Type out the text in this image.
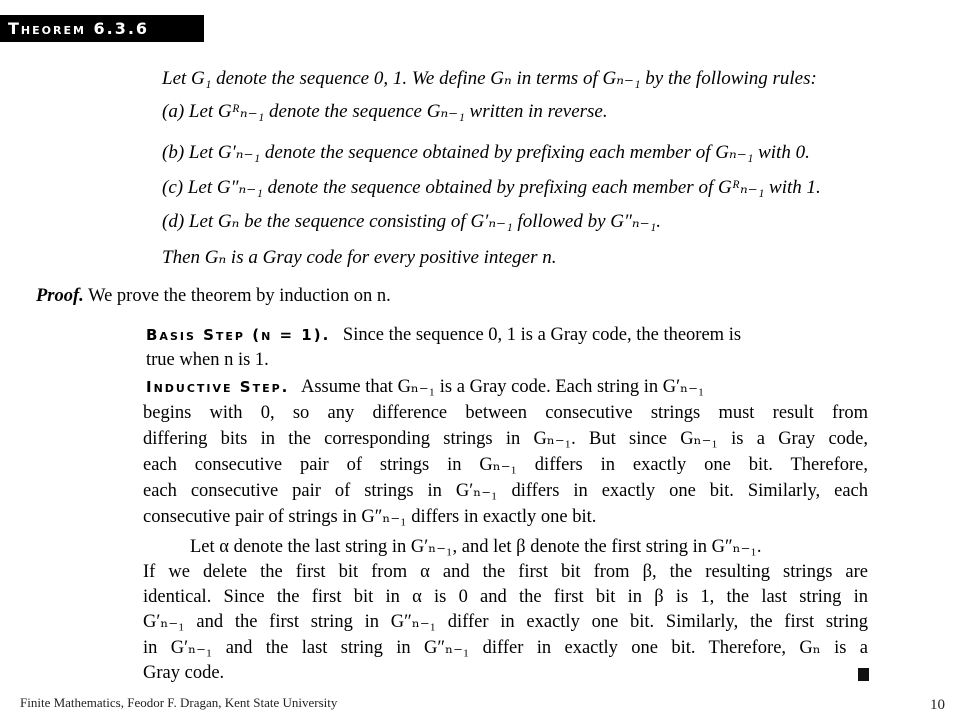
Theorem 6.3.6
Let G₁ denote the sequence 0, 1. We define Gₙ in terms of Gₙ₋₁ by the following rules:
(a) Let Gᴿₙ₋₁ denote the sequence Gₙ₋₁ written in reverse.
(b) Let G′ₙ₋₁ denote the sequence obtained by prefixing each member of Gₙ₋₁ with 0.
(c) Let G″ₙ₋₁ denote the sequence obtained by prefixing each member of Gᴿₙ₋₁ with 1.
(d) Let Gₙ be the sequence consisting of G′ₙ₋₁ followed by G″ₙ₋₁.
Then Gₙ is a Gray code for every positive integer n.
Proof. We prove the theorem by induction on n.
Basis Step (n = 1). Since the sequence 0, 1 is a Gray code, the theorem is
true when n is 1.
Inductive Step. Assume that Gₙ₋₁ is a Gray code. Each string in G′ₙ₋₁
begins with 0, so any difference between consecutive strings must result from
differing bits in the corresponding strings in Gₙ₋₁. But since Gₙ₋₁ is a Gray code,
each consecutive pair of strings in Gₙ₋₁ differs in exactly one bit. Therefore,
each consecutive pair of strings in G′ₙ₋₁ differs in exactly one bit. Similarly, each
consecutive pair of strings in G″ₙ₋₁ differs in exactly one bit.
Let α denote the last string in G′ₙ₋₁, and let β denote the first string in G″ₙ₋₁.
If we delete the first bit from α and the first bit from β, the resulting strings are
identical. Since the first bit in α is 0 and the first bit in β is 1, the last string in
G′ₙ₋₁ and the first string in G″ₙ₋₁ differ in exactly one bit. Similarly, the first string
in G′ₙ₋₁ and the last string in G″ₙ₋₁ differ in exactly one bit. Therefore, Gₙ is a
Gray code.
Finite Mathematics, Feodor F. Dragan, Kent State University	10
